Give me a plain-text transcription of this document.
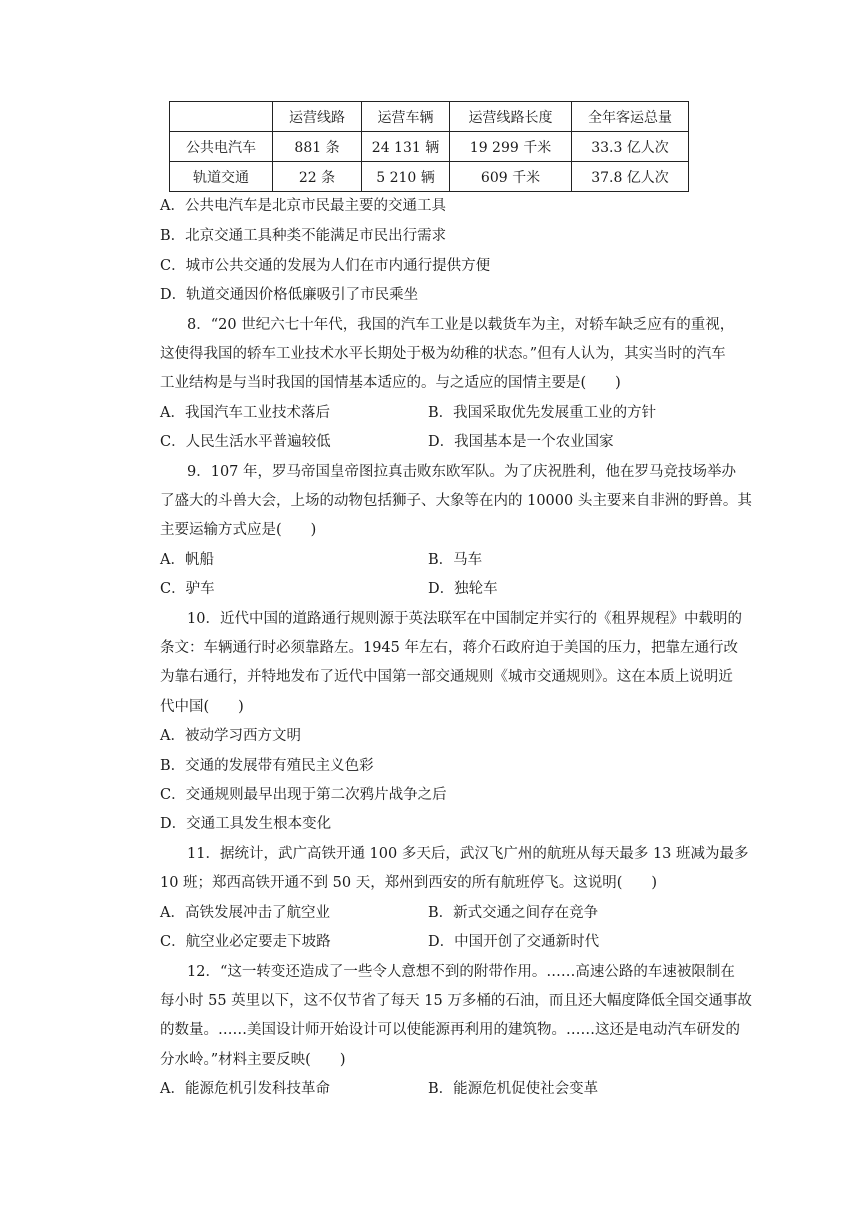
	运营线路	运营车辆	运营线路长度	全年客运总量
公共电汽车	881 条	24 131 辆	19 299 千米	33.3 亿人次
轨道交通	22 条	5 210 辆	609 千米	37.8 亿人次
A．公共电汽车是北京市民最主要的交通工具
B．北京交通工具种类不能满足市民出行需求
C．城市公共交通的发展为人们在市内通行提供方便
D．轨道交通因价格低廉吸引了市民乘坐
8．“20 世纪六七十年代，我国的汽车工业是以载货车为主，对轿车缺乏应有的重视，
这使得我国的轿车工业技术水平长期处于极为幼稚的状态。”但有人认为，其实当时的汽车
工业结构是与当时我国的国情基本适应的。与之适应的国情主要是(　　)
A．我国汽车工业技术落后	B．我国采取优先发展重工业的方针
C．人民生活水平普遍较低	D．我国基本是一个农业国家
9．107 年，罗马帝国皇帝图拉真击败东欧军队。为了庆祝胜利，他在罗马竞技场举办
了盛大的斗兽大会，上场的动物包括狮子、大象等在内的 10000 头主要来自非洲的野兽。其
主要运输方式应是(　　)
A．帆船	B．马车
C．驴车	D．独轮车
10．近代中国的道路通行规则源于英法联军在中国制定并实行的《租界规程》中载明的
条文：车辆通行时必须靠路左。1945 年左右，蒋介石政府迫于美国的压力，把靠左通行改
为靠右通行，并特地发布了近代中国第一部交通规则《城市交通规则》。这在本质上说明近
代中国(　　)
A．被动学习西方文明
B．交通的发展带有殖民主义色彩
C．交通规则最早出现于第二次鸦片战争之后
D．交通工具发生根本变化
11．据统计，武广高铁开通 100 多天后，武汉飞广州的航班从每天最多 13 班减为最多
10 班；郑西高铁开通不到 50 天，郑州到西安的所有航班停飞。这说明(　　)
A．高铁发展冲击了航空业	B．新式交通之间存在竞争
C．航空业必定要走下坡路	D．中国开创了交通新时代
12．“这一转变还造成了一些令人意想不到的附带作用。……高速公路的车速被限制在
每小时 55 英里以下，这不仅节省了每天 15 万多桶的石油，而且还大幅度降低全国交通事故
的数量。……美国设计师开始设计可以使能源再利用的建筑物。……这还是电动汽车研发的
分水岭。”材料主要反映(　　)
A．能源危机引发科技革命	B．能源危机促使社会变革
